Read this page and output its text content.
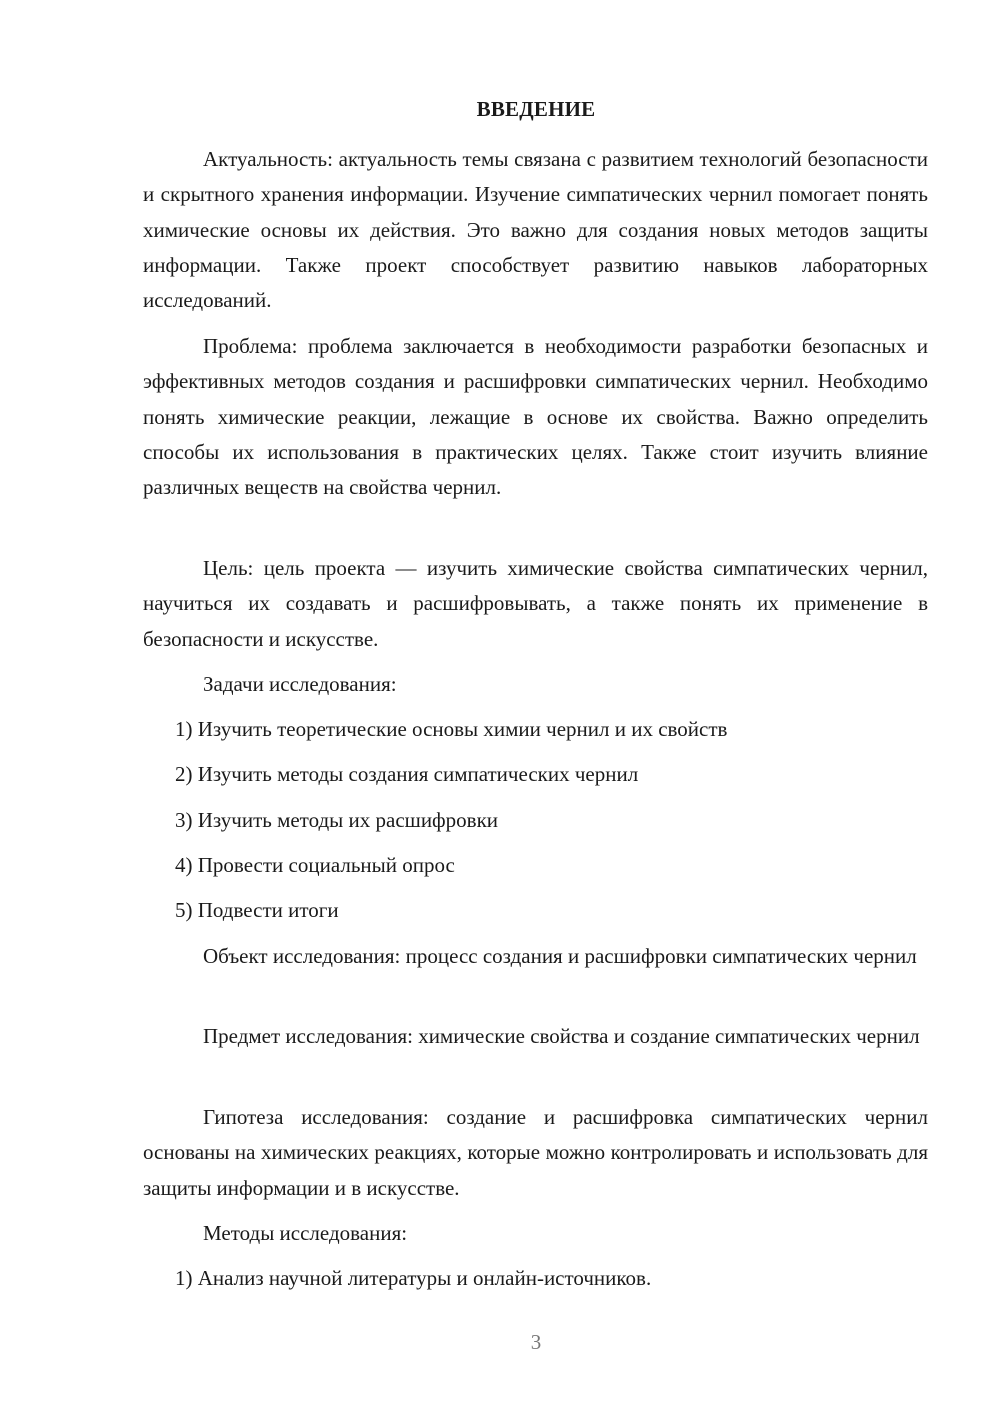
ВВЕДЕНИЕ

Актуальность: актуальность темы связана с развитием технологий безопасности и скрытного хранения информации. Изучение симпатических чернил помогает понять химические основы их действия. Это важно для создания новых методов защиты информации. Также проект способствует развитию навыков лабораторных исследований.

Проблема: проблема заключается в необходимости разработки безопасных и эффективных методов создания и расшифровки симпатических чернил. Необходимо понять химические реакции, лежащие в основе их свойства. Важно определить способы их использования в практических целях. Также стоит изучить влияние различных веществ на свойства чернил.

Цель: цель проекта — изучить химические свойства симпатических чернил, научиться их создавать и расшифровывать, а также понять их применение в безопасности и искусстве.

Задачи исследования:
1) Изучить теоретические основы химии чернил и их свойств
2) Изучить методы создания симпатических чернил
3) Изучить методы их расшифровки
4) Провести социальный опрос
5) Подвести итоги

Объект исследования: процесс создания и расшифровки симпатических чернил

Предмет исследования: химические свойства и создание симпатических чернил

Гипотеза исследования: создание и расшифровка симпатических чернил основаны на химических реакциях, которые можно контролировать и использовать для защиты информации и в искусстве.

Методы исследования:
1) Анализ научной литературы и онлайн-источников.
3
